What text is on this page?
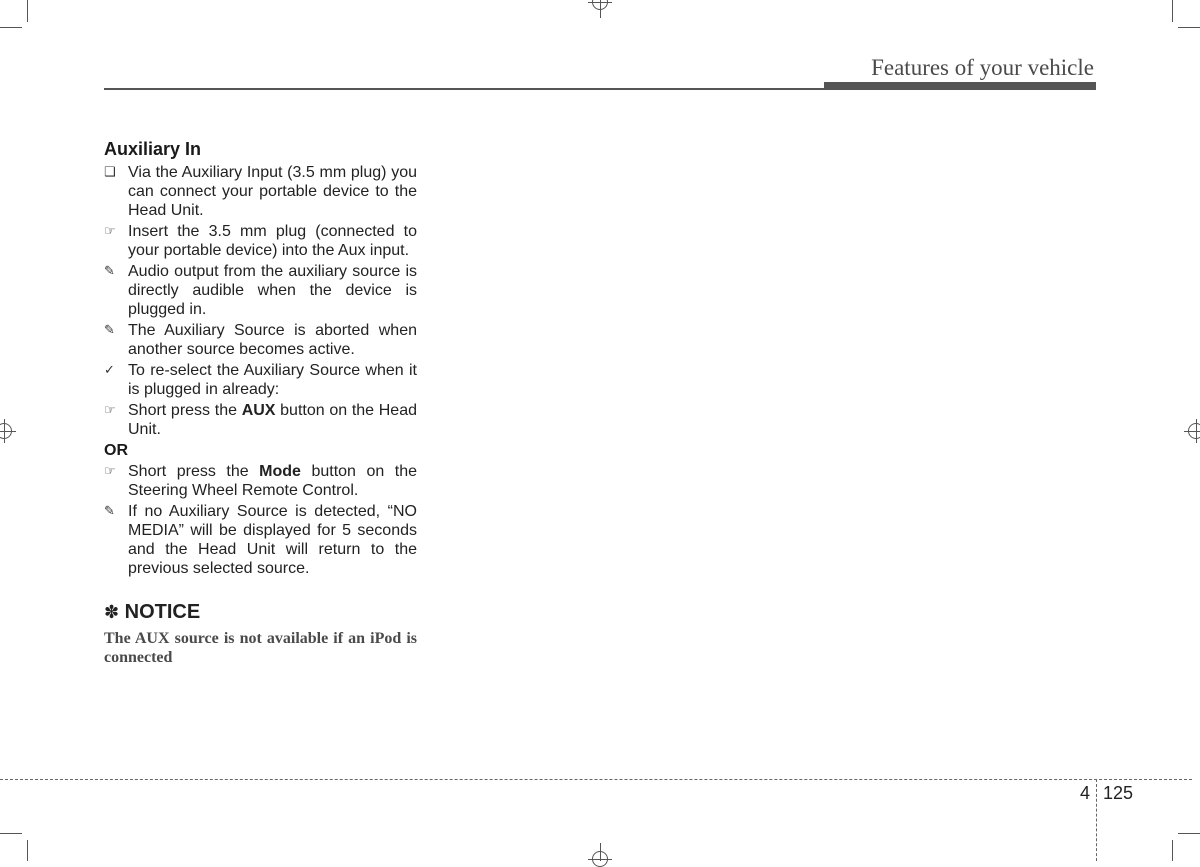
Features of your vehicle
Auxiliary In
❑ Via the Auxiliary Input (3.5 mm plug) you can connect your portable device to the Head Unit.
☞ Insert the 3.5 mm plug (connected to your portable device) into the Aux input.
✎ Audio output from the auxiliary source is directly audible when the device is plugged in.
✎ The Auxiliary Source is aborted when another source becomes active.
✓ To re-select the Auxiliary Source when it is plugged in already:
☞ Short press the AUX button on the Head Unit.
OR
☞ Short press the Mode button on the Steering Wheel Remote Control.
✎ If no Auxiliary Source is detected, “NO MEDIA” will be displayed for 5 seconds and the Head Unit will return to the previous selected source.
✽ NOTICE
The AUX source is not available if an iPod is connected
4 125
